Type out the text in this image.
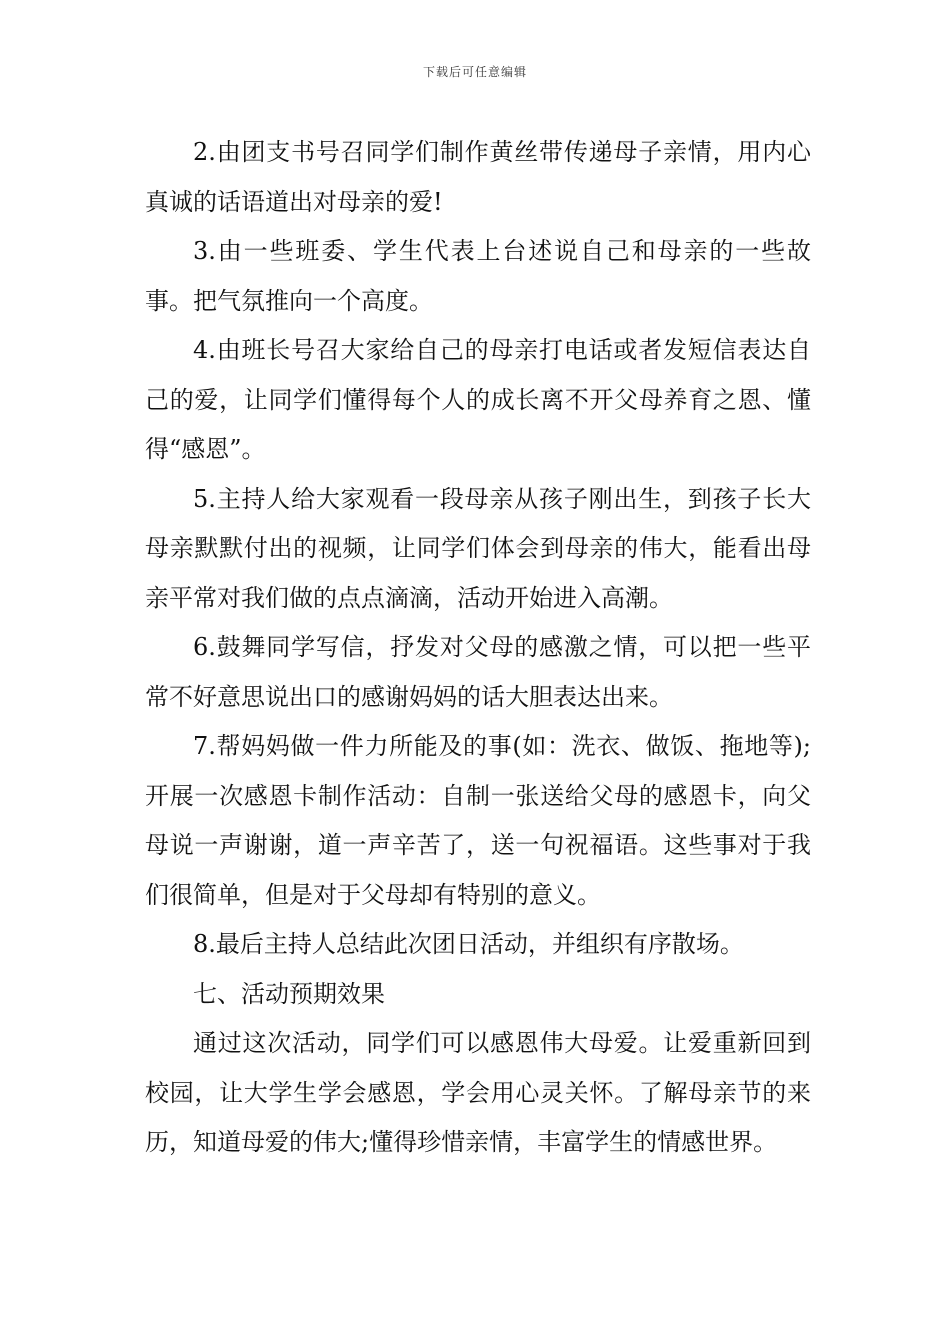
下载后可任意编辑

2.由团支书号召同学们制作黄丝带传递母子亲情，用内心真诚的话语道出对母亲的爱!

3.由一些班委、学生代表上台述说自己和母亲的一些故事。把气氛推向一个高度。

4.由班长号召大家给自己的母亲打电话或者发短信表达自己的爱，让同学们懂得每个人的成长离不开父母养育之恩、懂得“感恩”。

5.主持人给大家观看一段母亲从孩子刚出生，到孩子长大母亲默默付出的视频，让同学们体会到母亲的伟大，能看出母亲平常对我们做的点点滴滴，活动开始进入高潮。

6.鼓舞同学写信，抒发对父母的感激之情，可以把一些平常不好意思说出口的感谢妈妈的话大胆表达出来。

7.帮妈妈做一件力所能及的事(如：洗衣、做饭、拖地等);开展一次感恩卡制作活动：自制一张送给父母的感恩卡，向父母说一声谢谢，道一声辛苦了，送一句祝福语。这些事对于我们很简单，但是对于父母却有特别的意义。

8.最后主持人总结此次团日活动，并组织有序散场。

七、活动预期效果

通过这次活动，同学们可以感恩伟大母爱。让爱重新回到校园，让大学生学会感恩，学会用心灵关怀。了解母亲节的来历，知道母爱的伟大;懂得珍惜亲情，丰富学生的情感世界。
